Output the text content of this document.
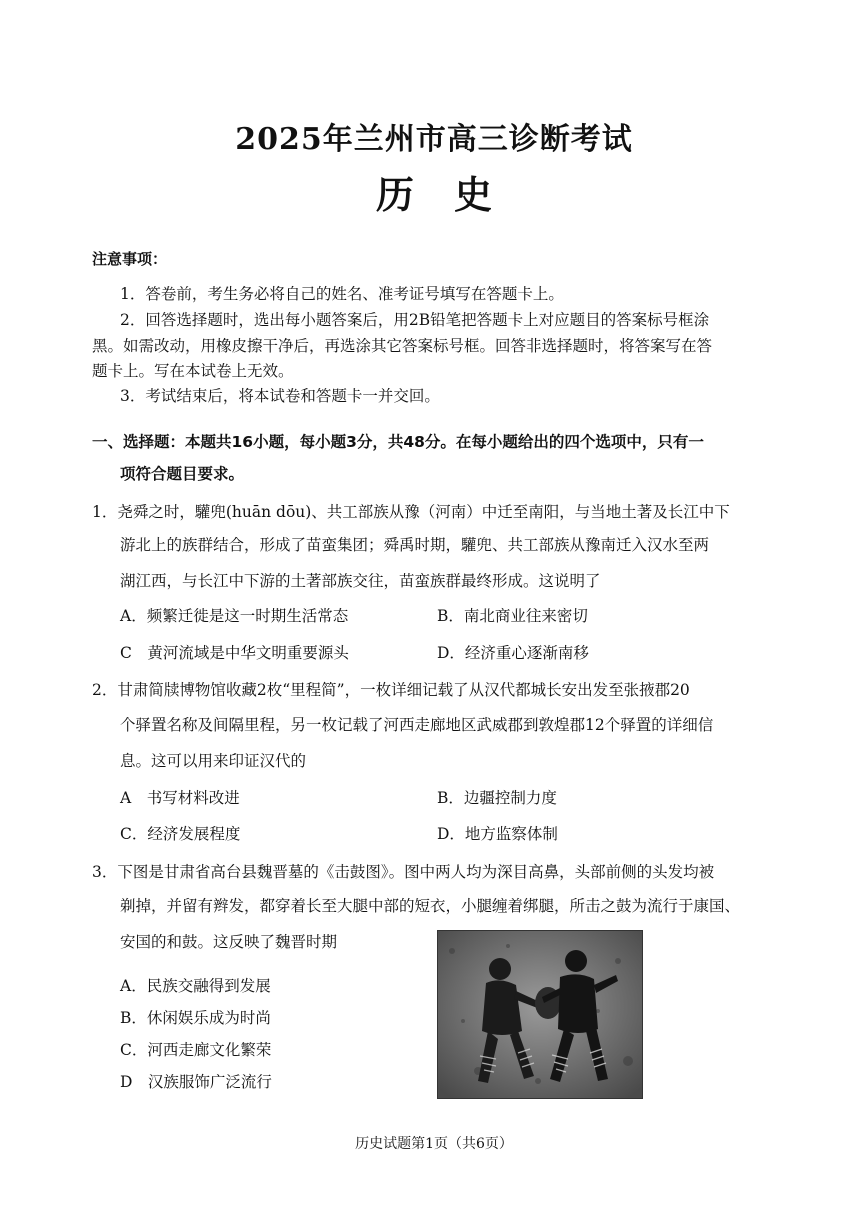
2025年兰州市高三诊断考试
历史
注意事项：
1．答卷前，考生务必将自己的姓名、准考证号填写在答题卡上。
2．回答选择题时，选出每小题答案后，用2B铅笔把答题卡上对应题目的答案标号框涂
黑。如需改动，用橡皮擦干净后，再选涂其它答案标号框。回答非选择题时，将答案写在答
题卡上。写在本试卷上无效。
3．考试结束后，将本试卷和答题卡一并交回。
一、选择题：本题共16小题，每小题3分，共48分。在每小题给出的四个选项中，只有一
项符合题目要求。
1．尧舜之时，驩兜(huān dōu)、共工部族从豫（河南）中迁至南阳，与当地土著及长江中下
游北上的族群结合，形成了苗蛮集团；舜禹时期，驩兜、共工部族从豫南迁入汉水至两
湖江西，与长江中下游的土著部族交往，苗蛮族群最终形成。这说明了
A．频繁迁徙是这一时期生活常态	B．南北商业往来密切
C　黄河流域是中华文明重要源头	D．经济重心逐渐南移
2．甘肃简牍博物馆收藏2枚“里程简”，一枚详细记载了从汉代都城长安出发至张掖郡20
个驿置名称及间隔里程，另一枚记载了河西走廊地区武威郡到敦煌郡12个驿置的详细信
息。这可以用来印证汉代的
A　书写材料改进	B．边疆控制力度
C．经济发展程度	D．地方监察体制
3．下图是甘肃省高台县魏晋墓的《击鼓图》。图中两人均为深目高鼻，头部前侧的头发均被
剃掉，并留有辫发，都穿着长至大腿中部的短衣，小腿缠着绑腿，所击之鼓为流行于康国、
安国的和鼓。这反映了魏晋时期
A．民族交融得到发展
B．休闲娱乐成为时尚
C．河西走廊文化繁荣
D　汉族服饰广泛流行
历史试题第1页（共6页）
